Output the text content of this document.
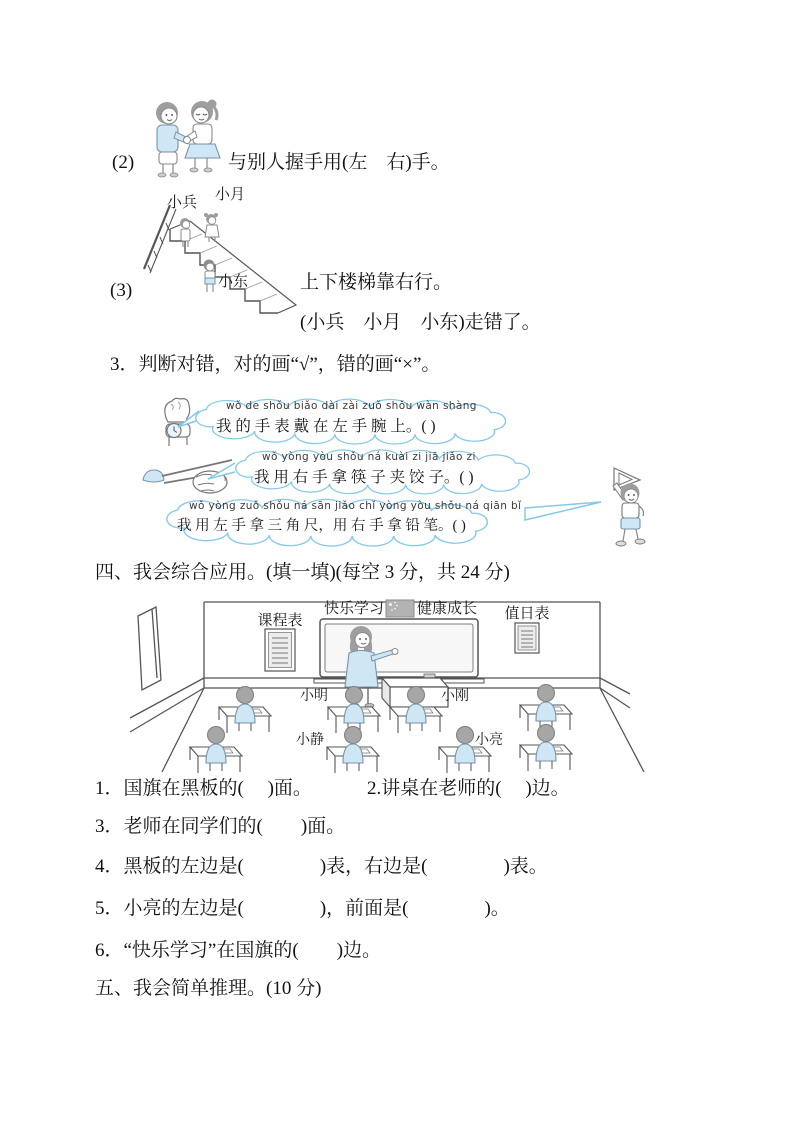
(2)	与别人握手用(左　右)手。
小兵 小月
小东
(3)	上下楼梯靠右行。
(小兵　小月　小东)走错了。
3．判断对错，对的画“√”，错的画“×”。
wǒ de shǒu biǎo dài zài zuǒ shǒu wàn shàng
我 的 手 表 戴 在 左 手 腕 上。( )
wǒ yòng yòu shǒu ná kuài zi jiā jiǎo zi
我 用 右 手 拿 筷 子 夹 饺 子。( )
wǒ yòng zuǒ shǒu ná sān jiǎo chǐ yòng yòu shǒu ná qiān bǐ
我 用 左 手 拿 三 角 尺，用 右 手 拿 铅 笔。( )
四、我会综合应用。(填一填)(每空 3 分，共 24 分)
课程表
快乐学习 健康成长 值日表
小明	小刚
小静	小亮
1．国旗在黑板的(　 )面。	2.讲桌在老师的(　 )边。
3．老师在同学们的(　　)面。
4．黑板的左边是(　　　　)表，右边是(　　　　)表。
5．小亮的左边是(　　　　)，前面是(　　　　)。
6．“快乐学习”在国旗的(　　)边。
五、我会简单推理。(10 分)
